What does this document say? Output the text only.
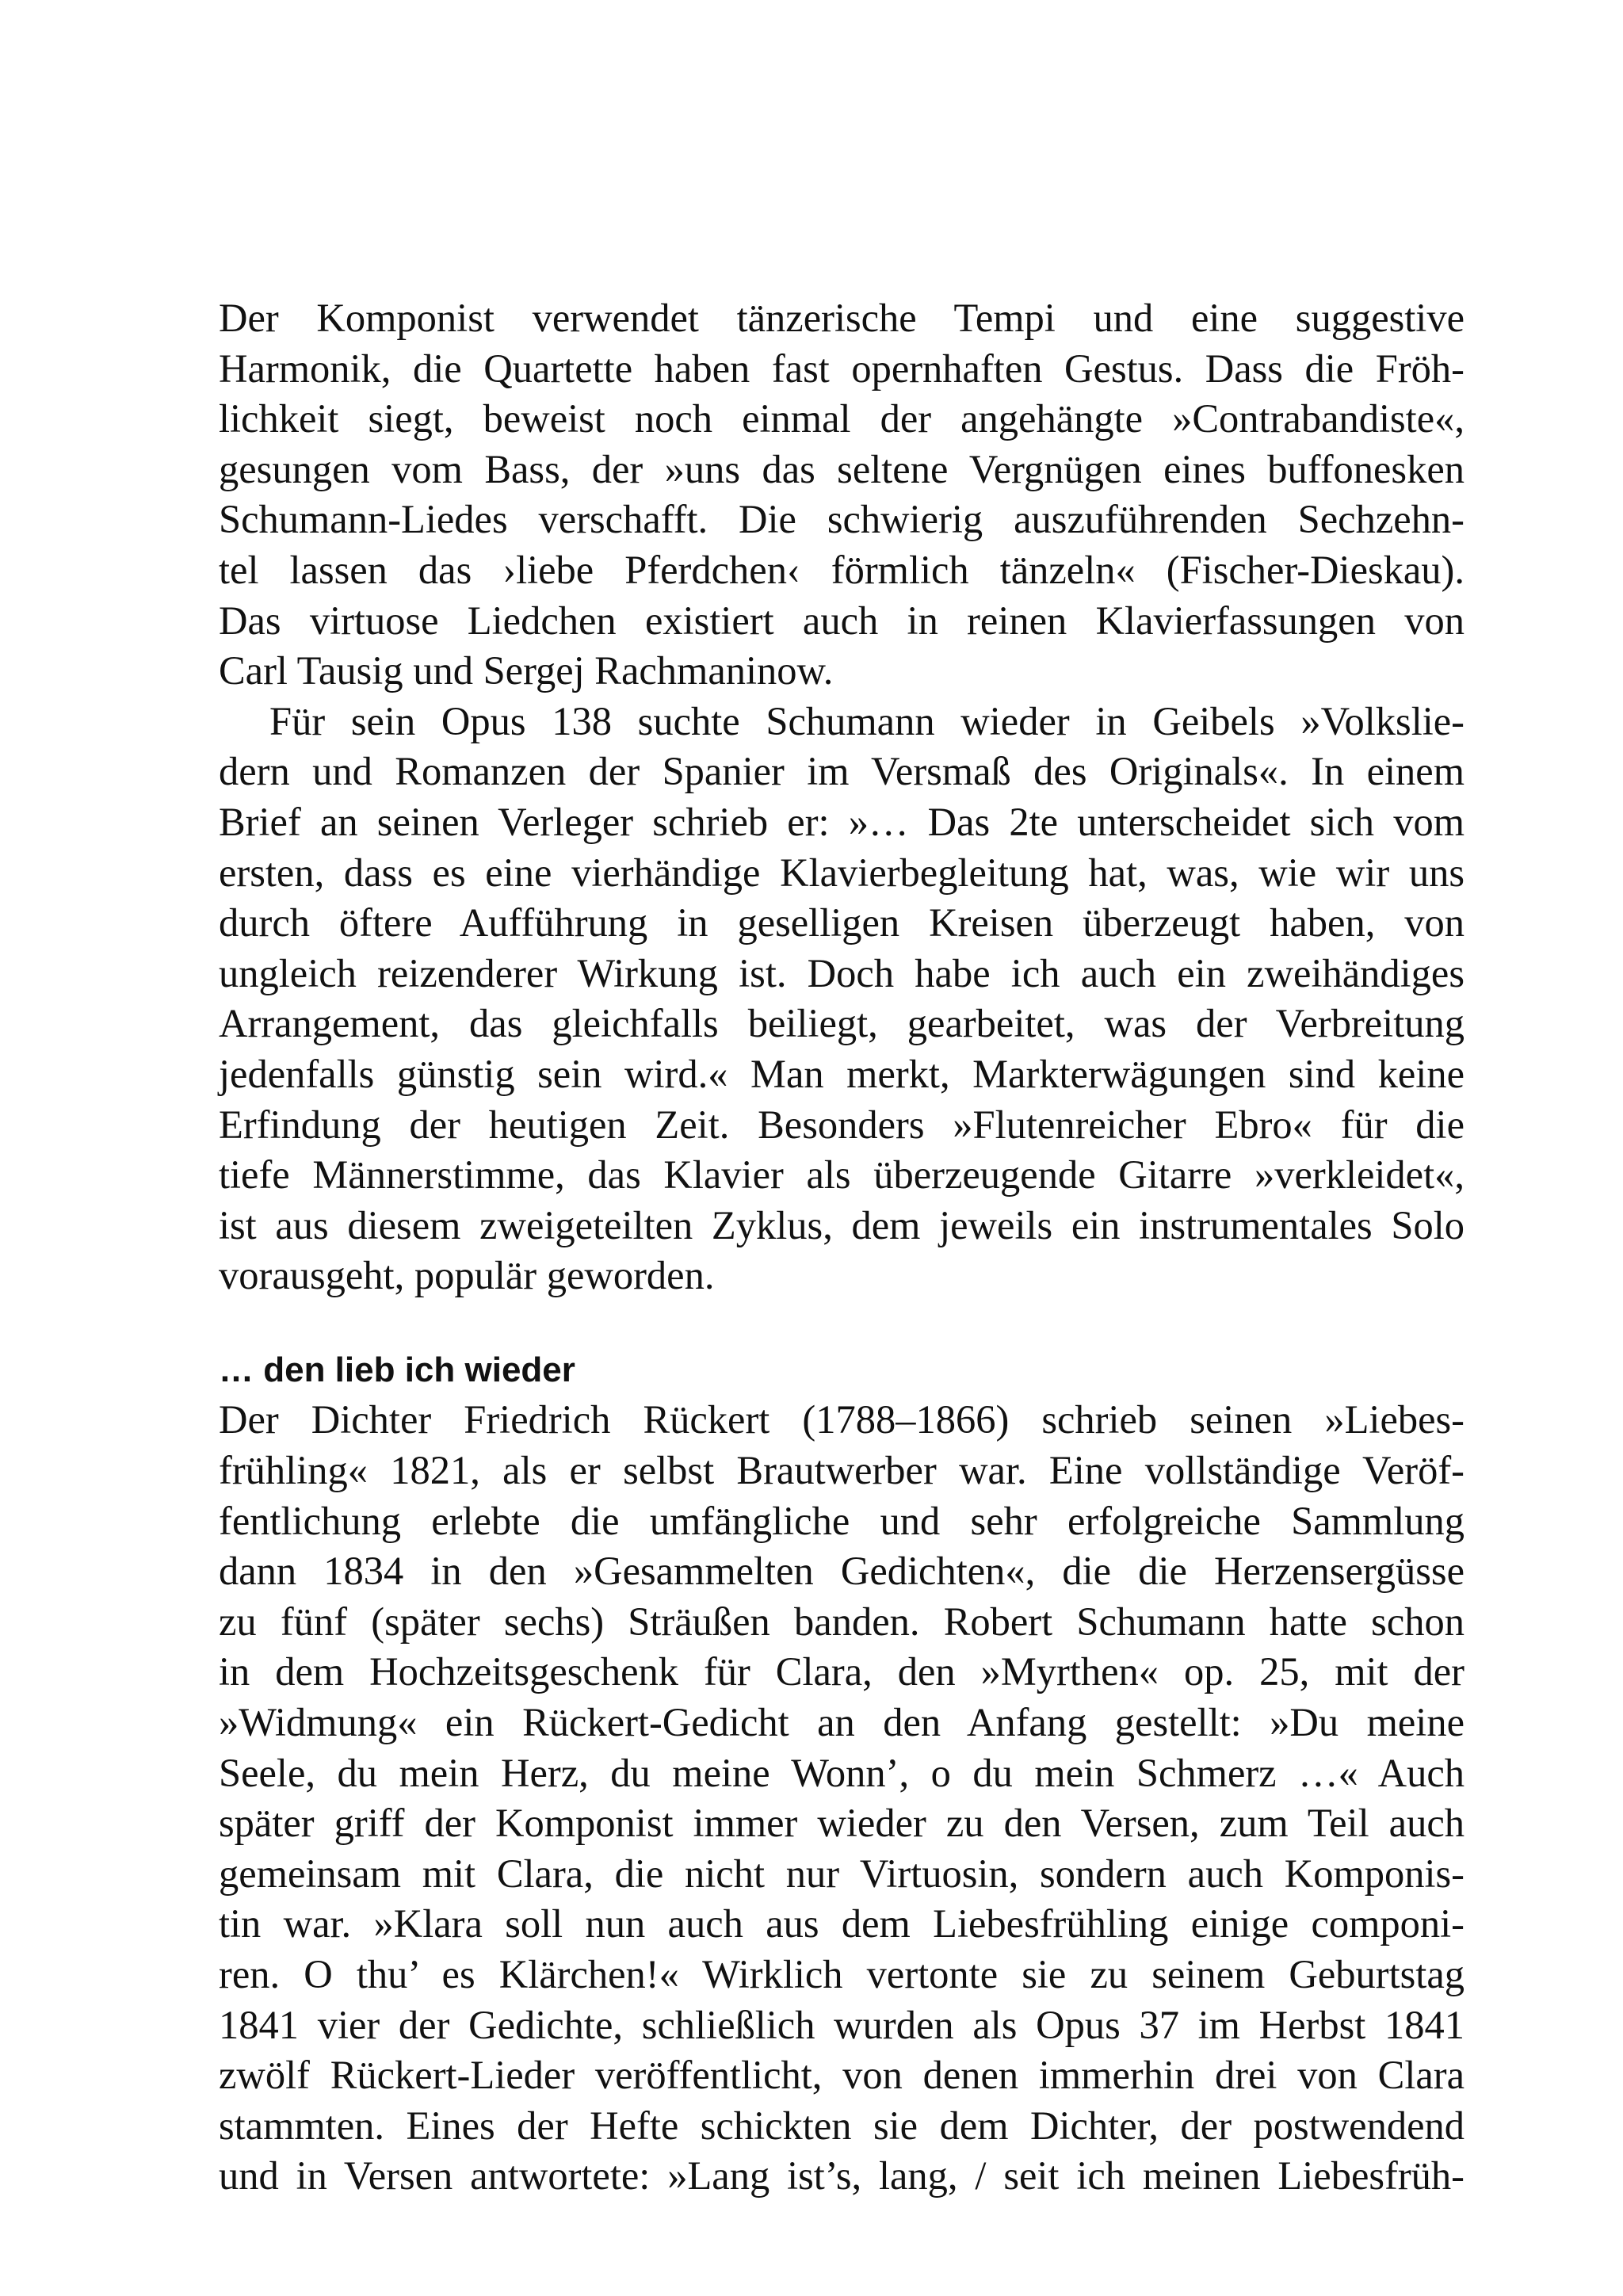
Der Komponist verwendet tänzerische Tempi und eine suggestive
Harmonik, die Quartette haben fast opernhaften Gestus. Dass die Fröh-
lichkeit siegt, beweist noch einmal der angehängte »Contrabandiste«,
gesungen vom Bass, der »uns das seltene Vergnügen eines buffonesken
Schumann-Liedes verschafft. Die schwierig auszuführenden Sechzehn-
tel lassen das ›liebe Pferdchen‹ förmlich tänzeln« (Fischer-Dieskau).
Das virtuose Liedchen existiert auch in reinen Klavierfassungen von
Carl Tausig und Sergej Rachmaninow.
Für sein Opus 138 suchte Schumann wieder in Geibels »Volkslie-
dern und Romanzen der Spanier im Versmaß des Originals«. In einem
Brief an seinen Verleger schrieb er: »… Das 2te unterscheidet sich vom
ersten, dass es eine vierhändige Klavierbegleitung hat, was, wie wir uns
durch öftere Aufführung in geselligen Kreisen überzeugt haben, von
ungleich reizenderer Wirkung ist. Doch habe ich auch ein zweihändiges
Arrangement, das gleichfalls beiliegt, gearbeitet, was der Verbreitung
jedenfalls günstig sein wird.« Man merkt, Markterwägungen sind keine
Erfindung der heutigen Zeit. Besonders »Flutenreicher Ebro« für die
tiefe Männerstimme, das Klavier als überzeugende Gitarre »verkleidet«,
ist aus diesem zweigeteilten Zyklus, dem jeweils ein instrumentales Solo
vorausgeht, populär geworden.
… den lieb ich wieder
Der Dichter Friedrich Rückert (1788–1866) schrieb seinen »Liebes-
frühling« 1821, als er selbst Brautwerber war. Eine vollständige Veröf-
fentlichung erlebte die umfängliche und sehr erfolgreiche Sammlung
dann 1834 in den »Gesammelten Gedichten«, die die Herzensergüsse
zu fünf (später sechs) Sträußen banden. Robert Schumann hatte schon
in dem Hochzeitsgeschenk für Clara, den »Myrthen« op. 25, mit der
»Widmung« ein Rückert-Gedicht an den Anfang gestellt: »Du meine
Seele, du mein Herz, du meine Wonn’, o du mein Schmerz …« Auch
später griff der Komponist immer wieder zu den Versen, zum Teil auch
gemeinsam mit Clara, die nicht nur Virtuosin, sondern auch Komponis-
tin war. »Klara soll nun auch aus dem Liebesfrühling einige componi-
ren. O thu’ es Klärchen!« Wirklich vertonte sie zu seinem Geburtstag
1841 vier der Gedichte, schließlich wurden als Opus 37 im Herbst 1841
zwölf Rückert-Lieder veröffentlicht, von denen immerhin drei von Clara
stammten. Eines der Hefte schickten sie dem Dichter, der postwendend
und in Versen antwortete: »Lang ist’s, lang, / seit ich meinen Liebesfrüh-
